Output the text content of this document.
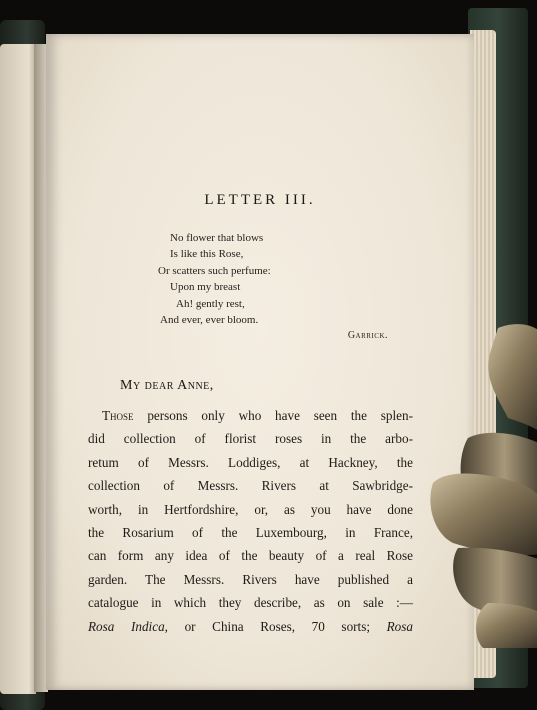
LETTER III.
No flower that blows
Is like this Rose,
Or scatters such perfume:
Upon my breast
Ah! gently rest,
And ever, ever bloom.
Garrick.
My dear Anne,
Those persons only who have seen the splen-
did collection of florist roses in the arbo-
retum of Messrs. Loddiges, at Hackney, the
collection of Messrs. Rivers at Sawbridge-
worth, in Hertfordshire, or, as you have done
the Rosarium of the Luxembourg, in France,
can form any idea of the beauty of a real Rose
garden. The Messrs. Rivers have published a
catalogue in which they describe, as on sale :—
Rosa Indica, or China Roses, 70 sorts; Rosa
